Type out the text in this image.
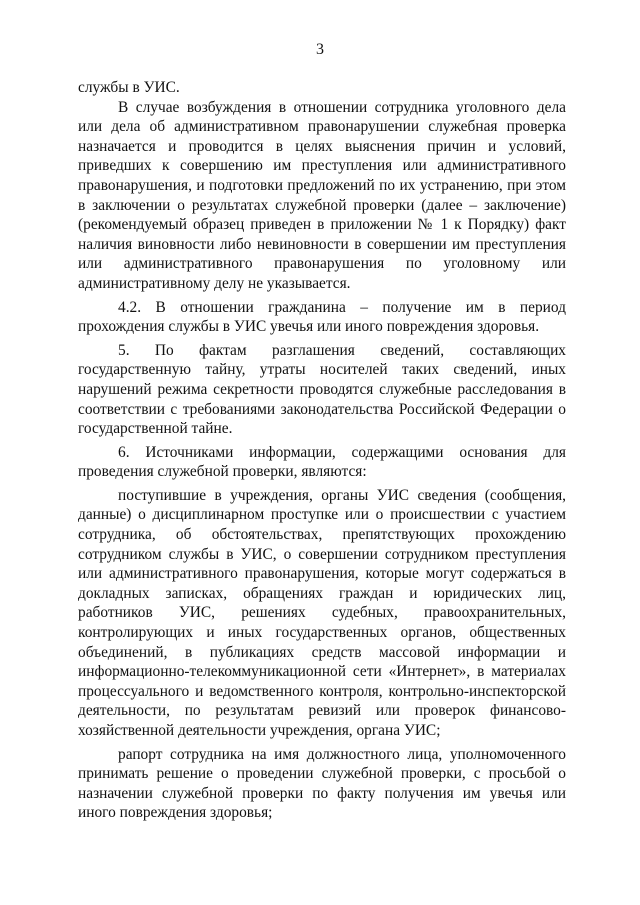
3

службы в УИС.

В случае возбуждения в отношении сотрудника уголовного дела или дела об административном правонарушении служебная проверка назначается и проводится в целях выяснения причин и условий, приведших к совершению им преступления или административного правонарушения, и подготовки предложений по их устранению, при этом в заключении о результатах служебной проверки (далее – заключение) (рекомендуемый образец приведен в приложении № 1 к Порядку) факт наличия виновности либо невиновности в совершении им преступления или административного правонарушения по уголовному или административному делу не указывается.

4.2. В отношении гражданина – получение им в период прохождения службы в УИС увечья или иного повреждения здоровья.

5. По фактам разглашения сведений, составляющих государственную тайну, утраты носителей таких сведений, иных нарушений режима секретности проводятся служебные расследования в соответствии с требованиями законодательства Российской Федерации о государственной тайне.

6. Источниками информации, содержащими основания для проведения служебной проверки, являются:

поступившие в учреждения, органы УИС сведения (сообщения, данные) о дисциплинарном проступке или о происшествии с участием сотрудника, об обстоятельствах, препятствующих прохождению сотрудником службы в УИС, о совершении сотрудником преступления или административного правонарушения, которые могут содержаться в докладных записках, обращениях граждан и юридических лиц, работников УИС, решениях судебных, правоохранительных, контролирующих и иных государственных органов, общественных объединений, в публикациях средств массовой информации и информационно-телекоммуникационной сети «Интернет», в материалах процессуального и ведомственного контроля, контрольно-инспекторской деятельности, по результатам ревизий или проверок финансово-хозяйственной деятельности учреждения, органа УИС;

рапорт сотрудника на имя должностного лица, уполномоченного принимать решение о проведении служебной проверки, с просьбой о назначении служебной проверки по факту получения им увечья или иного повреждения здоровья;
